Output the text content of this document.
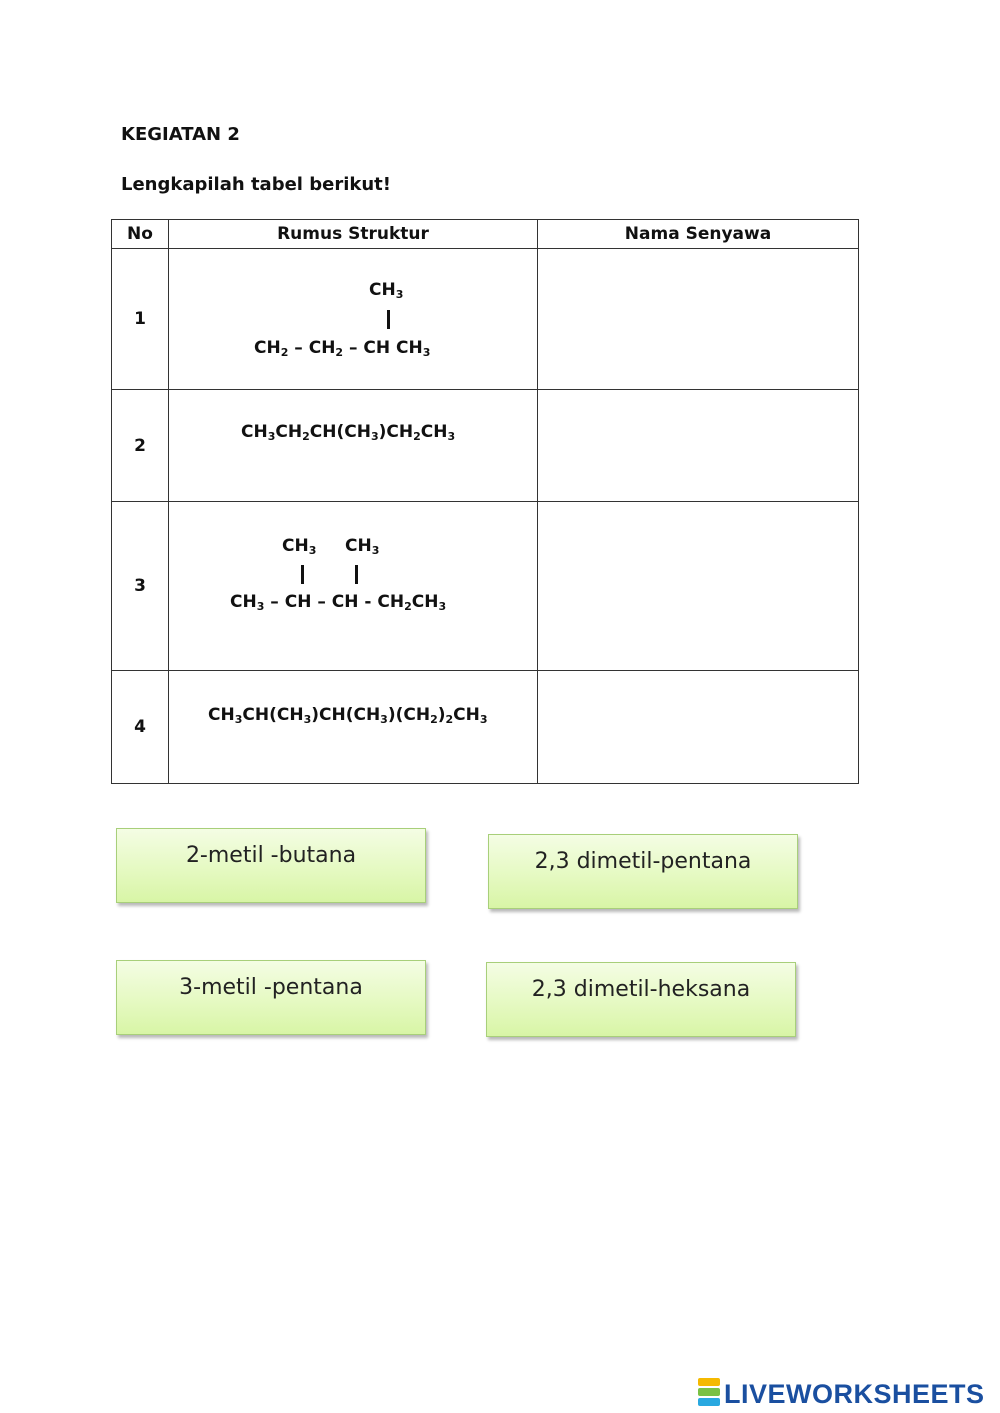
KEGIATAN 2
Lengkapilah tabel berikut!
No	Rumus Struktur	Nama Senyawa
1	$CH_3$
$CH_2 - CH_2$ – CH $CH_3$

2	$CH_3CH_2CH(CH_3)CH_2CH_3$

3	$CH_3$ $CH_3$
$CH_3$ – CH – CH - $CH_2CH_3$

4	$CH_3CH(CH_3)CH(CH_3)(CH_2)_2CH_3$

2-metil -butana	2,3 dimetil-pentana
3-metil -pentana	2,3 dimetil-heksana
LIVEWORKSHEETS
